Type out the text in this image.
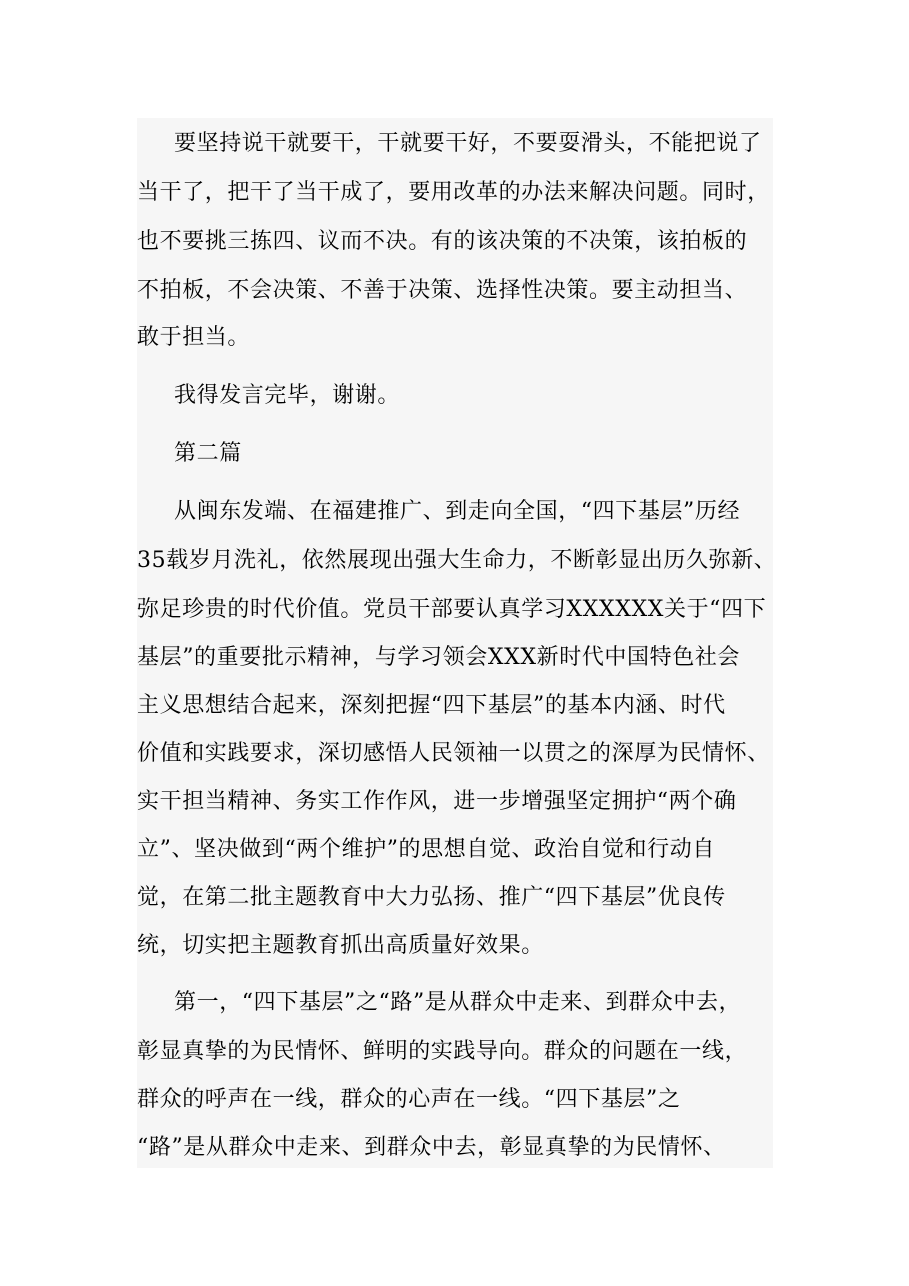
要坚持说干就要干，干就要干好，不要耍滑头，不能把说了
当干了，把干了当干成了，要用改革的办法来解决问题。同时，
也不要挑三拣四、议而不决。有的该决策的不决策，该拍板的
不拍板，不会决策、不善于决策、选择性决策。要主动担当、
敢于担当。
我得发言完毕，谢谢。
第二篇
从闽东发端、在福建推广、到走向全国，“四下基层”历经
35载岁月洗礼，依然展现出强大生命力，不断彰显出历久弥新、
弥足珍贵的时代价值。党员干部要认真学习XXXXXX关于“四下
基层”的重要批示精神，与学习领会XXX新时代中国特色社会
主义思想结合起来，深刻把握“四下基层”的基本内涵、时代
价值和实践要求，深切感悟人民领袖一以贯之的深厚为民情怀、
实干担当精神、务实工作作风，进一步增强坚定拥护“两个确
立”、坚决做到“两个维护”的思想自觉、政治自觉和行动自
觉，在第二批主题教育中大力弘扬、推广“四下基层”优良传
统，切实把主题教育抓出高质量好效果。
第一，“四下基层”之“路”是从群众中走来、到群众中去，
彰显真挚的为民情怀、鲜明的实践导向。群众的问题在一线，
群众的呼声在一线，群众的心声在一线。“四下基层”之
“路”是从群众中走来、到群众中去，彰显真挚的为民情怀、
